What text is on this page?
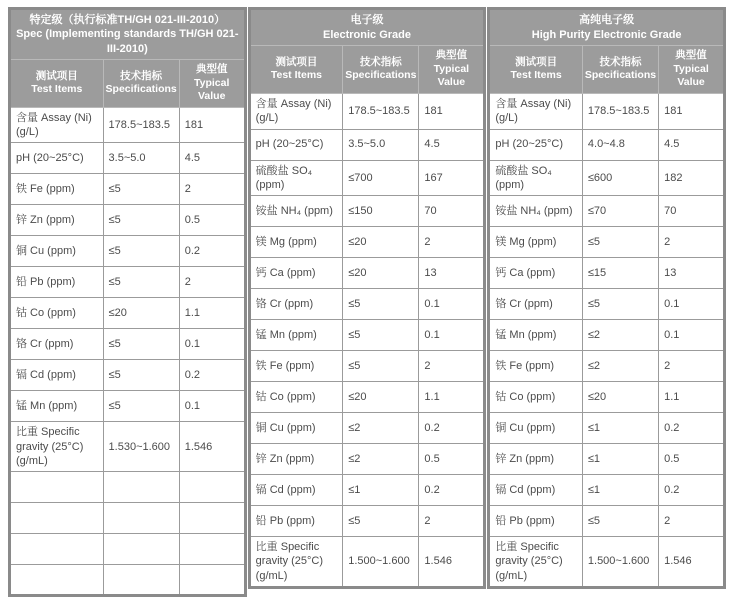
特定级（执行标准TH/GH 021-III-2010）
Spec (Implementing standards TH/GH 021-III-2010)		

测试项目
Test Items

技术指标
Specifications

典型值
Typical Value

含量 Assay (Ni) (g/L)	178.5~183.5	181
pH (20~25°C)	3.5~5.0	4.5
铁 Fe (ppm)	≤5	2
锌 Zn (ppm)	≤5	0.5
铜 Cu (ppm)	≤5	0.2
铅 Pb (ppm)	≤5	2
钴 Co (ppm)	≤20	1.1
铬 Cr (ppm)	≤5	0.1
镉 Cd (ppm)	≤5	0.2
锰 Mn (ppm)	≤5	0.1
比重 Specific gravity (25°C) (g/mL)	1.530~1.600	1.546

电子级
Electronic Grade		

测试项目
Test Items

技术指标
Specifications

典型值
Typical Value

含量 Assay (Ni) (g/L)	178.5~183.5	181
pH (20~25°C)	3.5~5.0	4.5
硫酸盐 SO₄ (ppm)	≤700	167
铵盐 NH₄ (ppm)	≤150	70
镁 Mg (ppm)	≤20	2
钙 Ca (ppm)	≤20	13
铬 Cr (ppm)	≤5	0.1
锰 Mn (ppm)	≤5	0.1
铁 Fe (ppm)	≤5	2
钴 Co (ppm)	≤20	1.1
铜 Cu (ppm)	≤2	0.2
锌 Zn (ppm)	≤2	0.5
镉 Cd (ppm)	≤1	0.2
铅 Pb (ppm)	≤5	2
比重 Specific gravity (25°C) (g/mL)	1.500~1.600	1.546
高纯电子级
High Purity Electronic Grade		

测试项目
Test Items

技术指标
Specifications

典型值
Typical Value

含量 Assay (Ni) (g/L)	178.5~183.5	181
pH (20~25°C)	4.0~4.8	4.5
硫酸盐 SO₄ (ppm)	≤600	182
铵盐 NH₄ (ppm)	≤70	70
镁 Mg (ppm)	≤5	2
钙 Ca (ppm)	≤15	13
铬 Cr (ppm)	≤5	0.1
锰 Mn (ppm)	≤2	0.1
铁 Fe (ppm)	≤2	2
钴 Co (ppm)	≤20	1.1
铜 Cu (ppm)	≤1	0.2
锌 Zn (ppm)	≤1	0.5
镉 Cd (ppm)	≤1	0.2
铅 Pb (ppm)	≤5	2
比重 Specific gravity (25°C) (g/mL)	1.500~1.600	1.546
